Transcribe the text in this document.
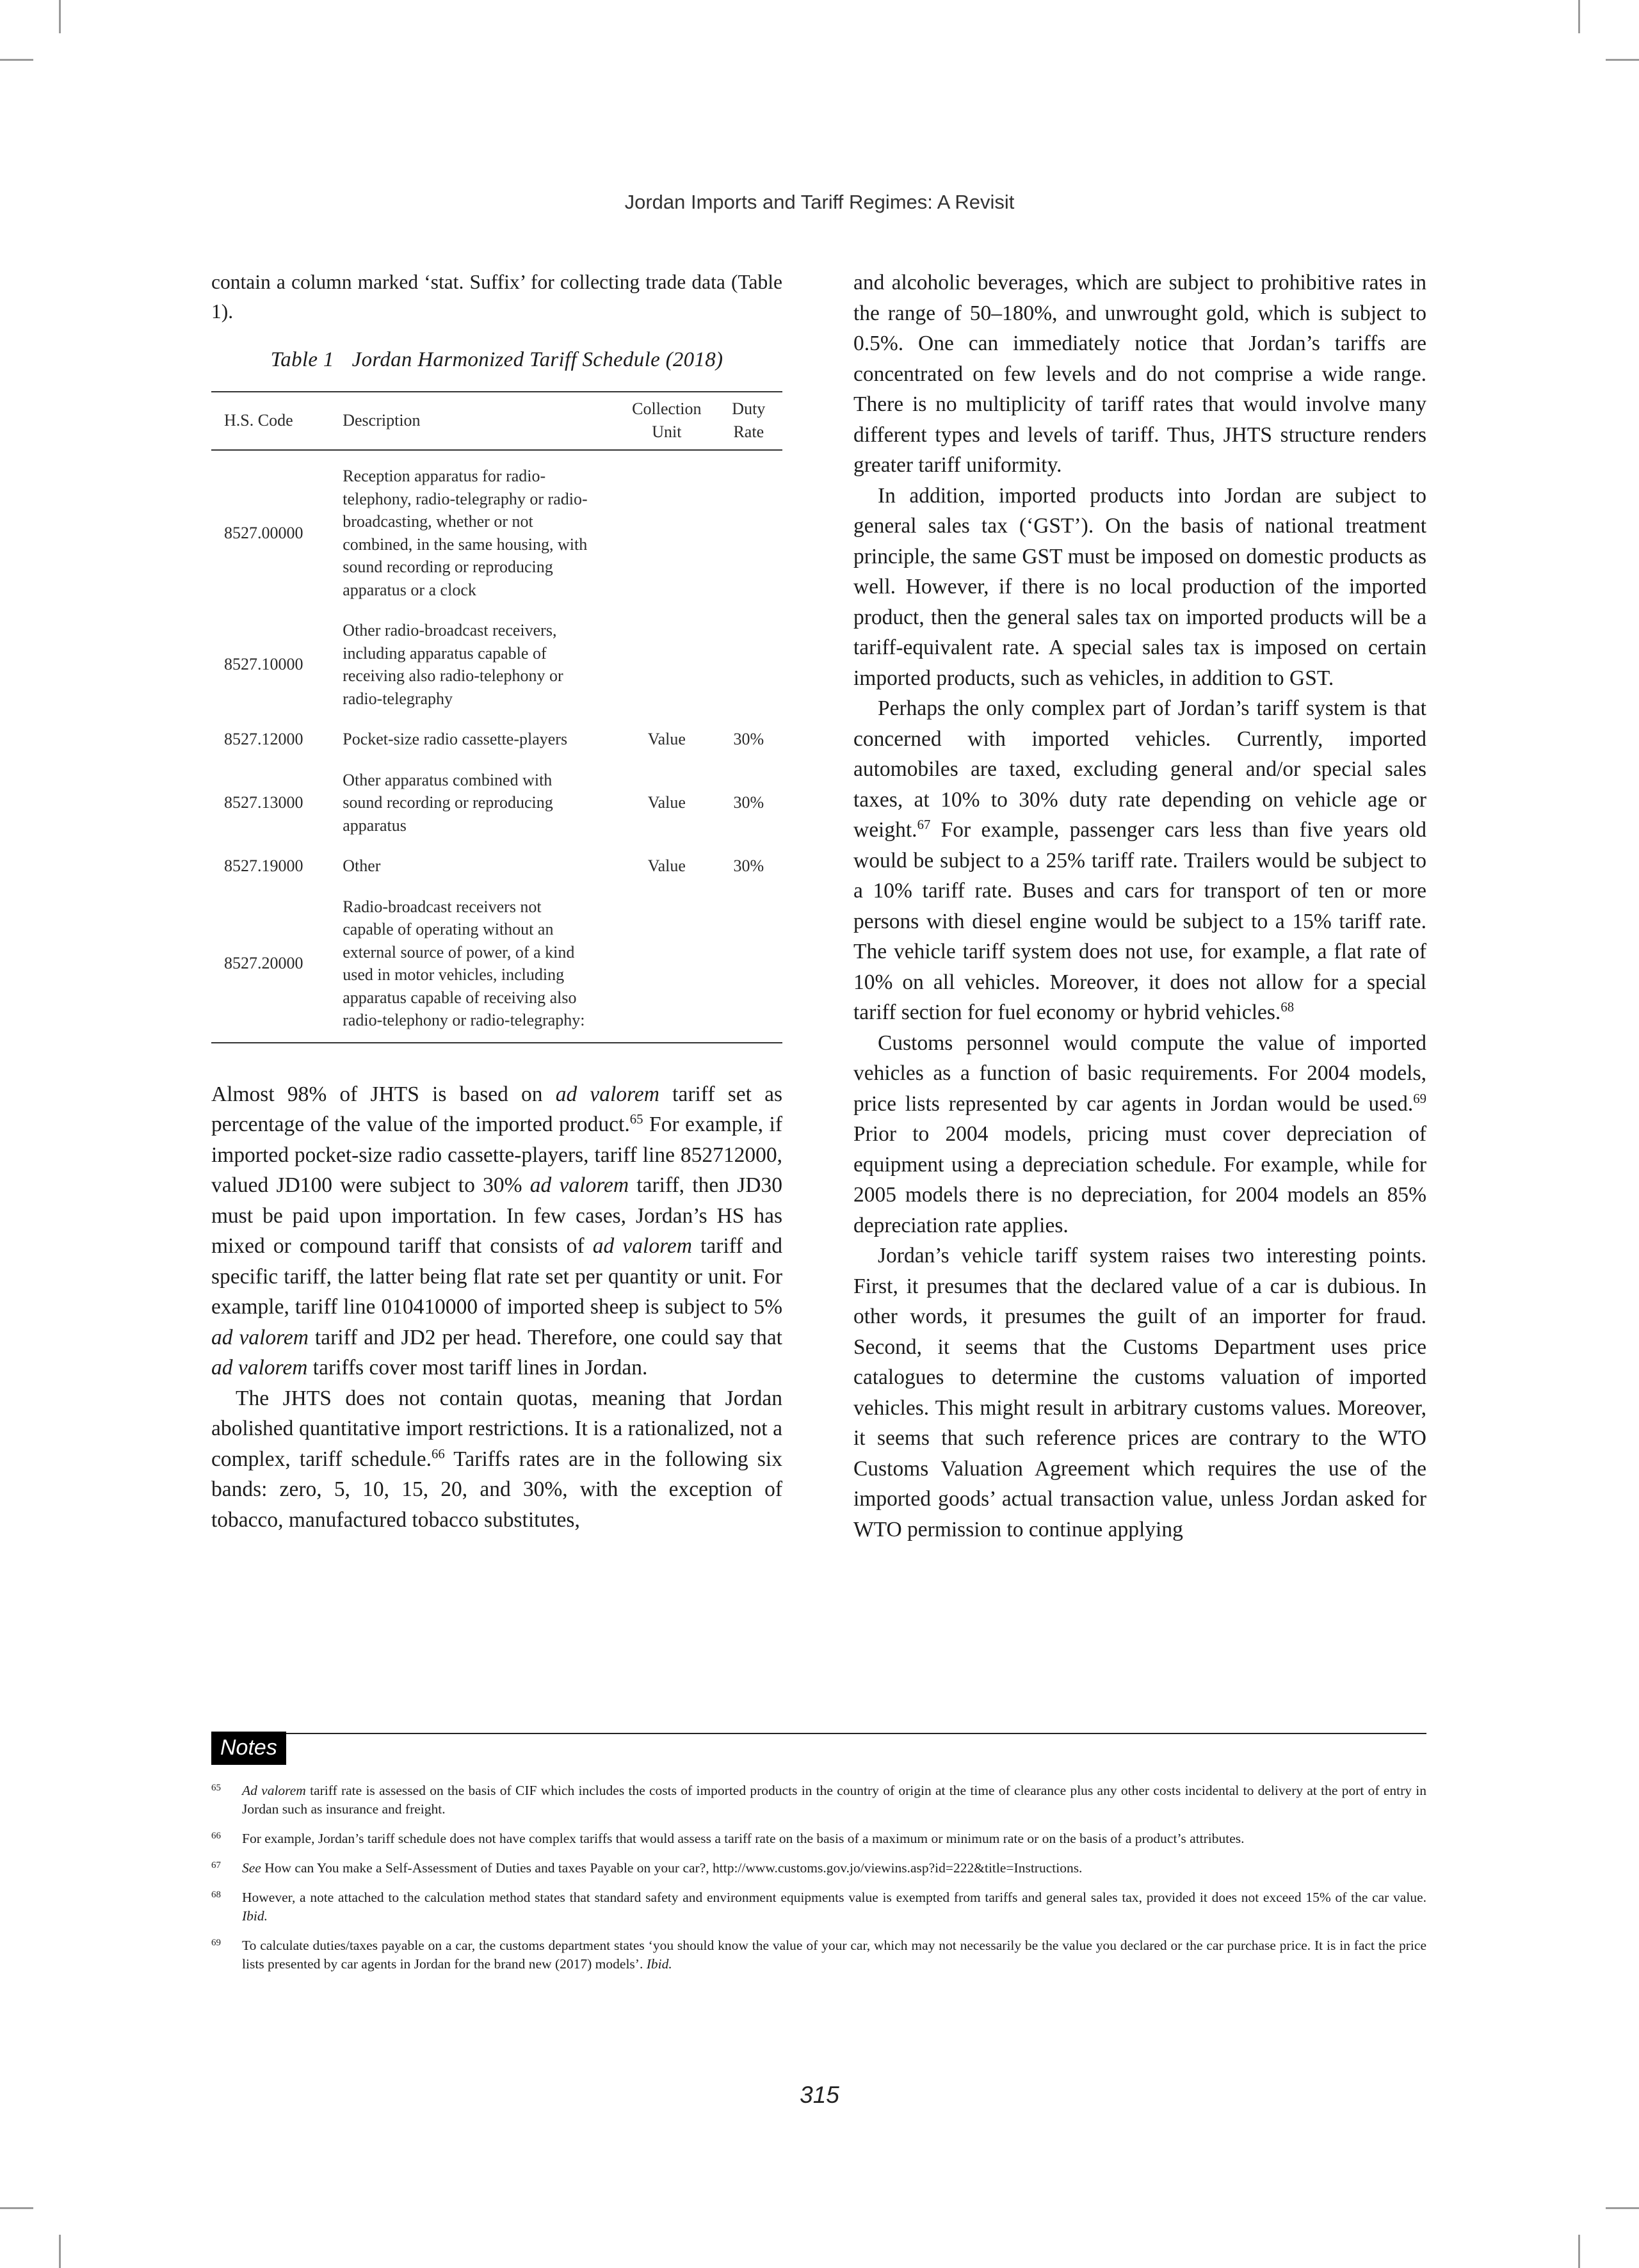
Jordan Imports and Tariff Regimes: A Revisit

contain a column marked ‘stat. Suffix’ for collecting trade data (Table 1).

Table 1 Jordan Harmonized Tariff Schedule (2018)
H.S. Code	Description	Collection Unit	Duty Rate
8527.00000	Reception apparatus for radio-telephony, radio-telegraphy or radio-broadcasting, whether or not combined, in the same housing, with sound recording or reproducing apparatus or a clock		
8527.10000	Other radio-broadcast receivers, including apparatus capable of receiving also radio-telephony or radio-telegraphy		
8527.12000	Pocket-size radio cassette-players	Value	30%
8527.13000	Other apparatus combined with sound recording or reproducing apparatus	Value	30%
8527.19000	Other	Value	30%
8527.20000	Radio-broadcast receivers not capable of operating without an external source of power, of a kind used in motor vehicles, including apparatus capable of receiving also radio-telephony or radio-telegraphy:		

Almost 98% of JHTS is based on ad valorem tariff set as percentage of the value of the imported product.$^{65}$ For example, if imported pocket-size radio cassette-players, tariff line 852712000, valued JD100 were subject to 30% ad valorem tariff, then JD30 must be paid upon importation. In few cases, Jordan’s HS has mixed or compound tariff that consists of ad valorem tariff and specific tariff, the latter being flat rate set per quantity or unit. For example, tariff line 010410000 of imported sheep is subject to 5% ad valorem tariff and JD2 per head. Therefore, one could say that ad valorem tariffs cover most tariff lines in Jordan.

The JHTS does not contain quotas, meaning that Jordan abolished quantitative import restrictions. It is a rationalized, not a complex, tariff schedule.$^{66}$ Tariffs rates are in the following six bands: zero, 5, 10, 15, 20, and 30%, with the exception of tobacco, manufactured tobacco substitutes,

and alcoholic beverages, which are subject to prohibitive rates in the range of 50–180%, and unwrought gold, which is subject to 0.5%. One can immediately notice that Jordan’s tariffs are concentrated on few levels and do not comprise a wide range. There is no multiplicity of tariff rates that would involve many different types and levels of tariff. Thus, JHTS structure renders greater tariff uniformity.

In addition, imported products into Jordan are subject to general sales tax (‘GST’). On the basis of national treatment principle, the same GST must be imposed on domestic products as well. However, if there is no local production of the imported product, then the general sales tax on imported products will be a tariff-equivalent rate. A special sales tax is imposed on certain imported products, such as vehicles, in addition to GST.

Perhaps the only complex part of Jordan’s tariff system is that concerned with imported vehicles. Currently, imported automobiles are taxed, excluding general and/or special sales taxes, at 10% to 30% duty rate depending on vehicle age or weight.$^{67}$ For example, passenger cars less than five years old would be subject to a 25% tariff rate. Trailers would be subject to a 10% tariff rate. Buses and cars for transport of ten or more persons with diesel engine would be subject to a 15% tariff rate. The vehicle tariff system does not use, for example, a flat rate of 10% on all vehicles. Moreover, it does not allow for a special tariff section for fuel economy or hybrid vehicles.$^{68}$

Customs personnel would compute the value of imported vehicles as a function of basic requirements. For 2004 models, price lists represented by car agents in Jordan would be used.$^{69}$ Prior to 2004 models, pricing must cover depreciation of equipment using a depreciation schedule. For example, while for 2005 models there is no depreciation, for 2004 models an 85% depreciation rate applies.

Jordan’s vehicle tariff system raises two interesting points. First, it presumes that the declared value of a car is dubious. In other words, it presumes the guilt of an importer for fraud. Second, it seems that the Customs Department uses price catalogues to determine the customs valuation of imported vehicles. This might result in arbitrary customs values. Moreover, it seems that such reference prices are contrary to the WTO Customs Valuation Agreement which requires the use of the imported goods’ actual transaction value, unless Jordan asked for WTO permission to continue applying

Notes
65 Ad valorem tariff rate is assessed on the basis of CIF which includes the costs of imported products in the country of origin at the time of clearance plus any other costs incidental to delivery at the port of entry in Jordan such as insurance and freight.
66 For example, Jordan’s tariff schedule does not have complex tariffs that would assess a tariff rate on the basis of a maximum or minimum rate or on the basis of a product’s attributes.
67 See How can You make a Self-Assessment of Duties and taxes Payable on your car?, http://www.customs.gov.jo/viewins.asp?id=222&title=Instructions.
68 However, a note attached to the calculation method states that standard safety and environment equipments value is exempted from tariffs and general sales tax, provided it does not exceed 15% of the car value. Ibid.
69 To calculate duties/taxes payable on a car, the customs department states ‘you should know the value of your car, which may not necessarily be the value you declared or the car purchase price. It is in fact the price lists presented by car agents in Jordan for the brand new (2017) models’. Ibid.
315
